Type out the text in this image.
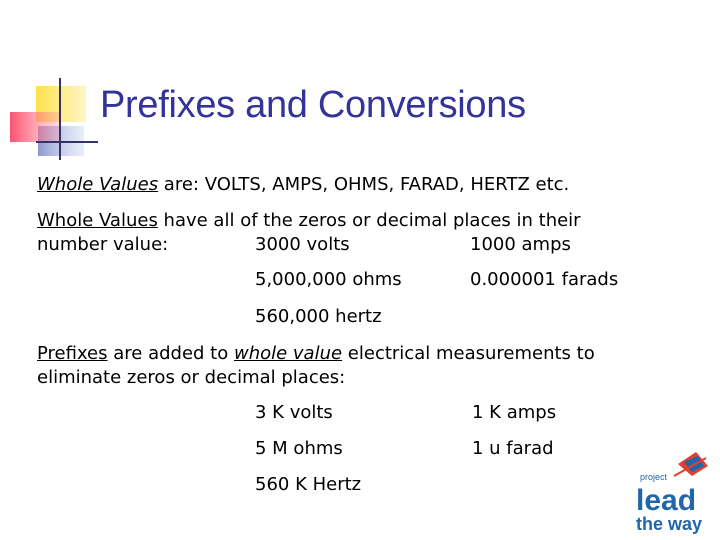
Prefixes and Conversions
Whole Values are: VOLTS, AMPS, OHMS, FARAD, HERTZ etc.
Whole Values have all of the zeros or decimal places in their
number value:	3000 volts	1000 amps
5,000,000 ohms	0.000001 farads
560,000 hertz
Prefixes are added to whole value electrical measurements to
eliminate zeros or decimal places:
3 K volts	1 K amps
5 M ohms	1 u farad
560 K Hertz	project
lead
the way
